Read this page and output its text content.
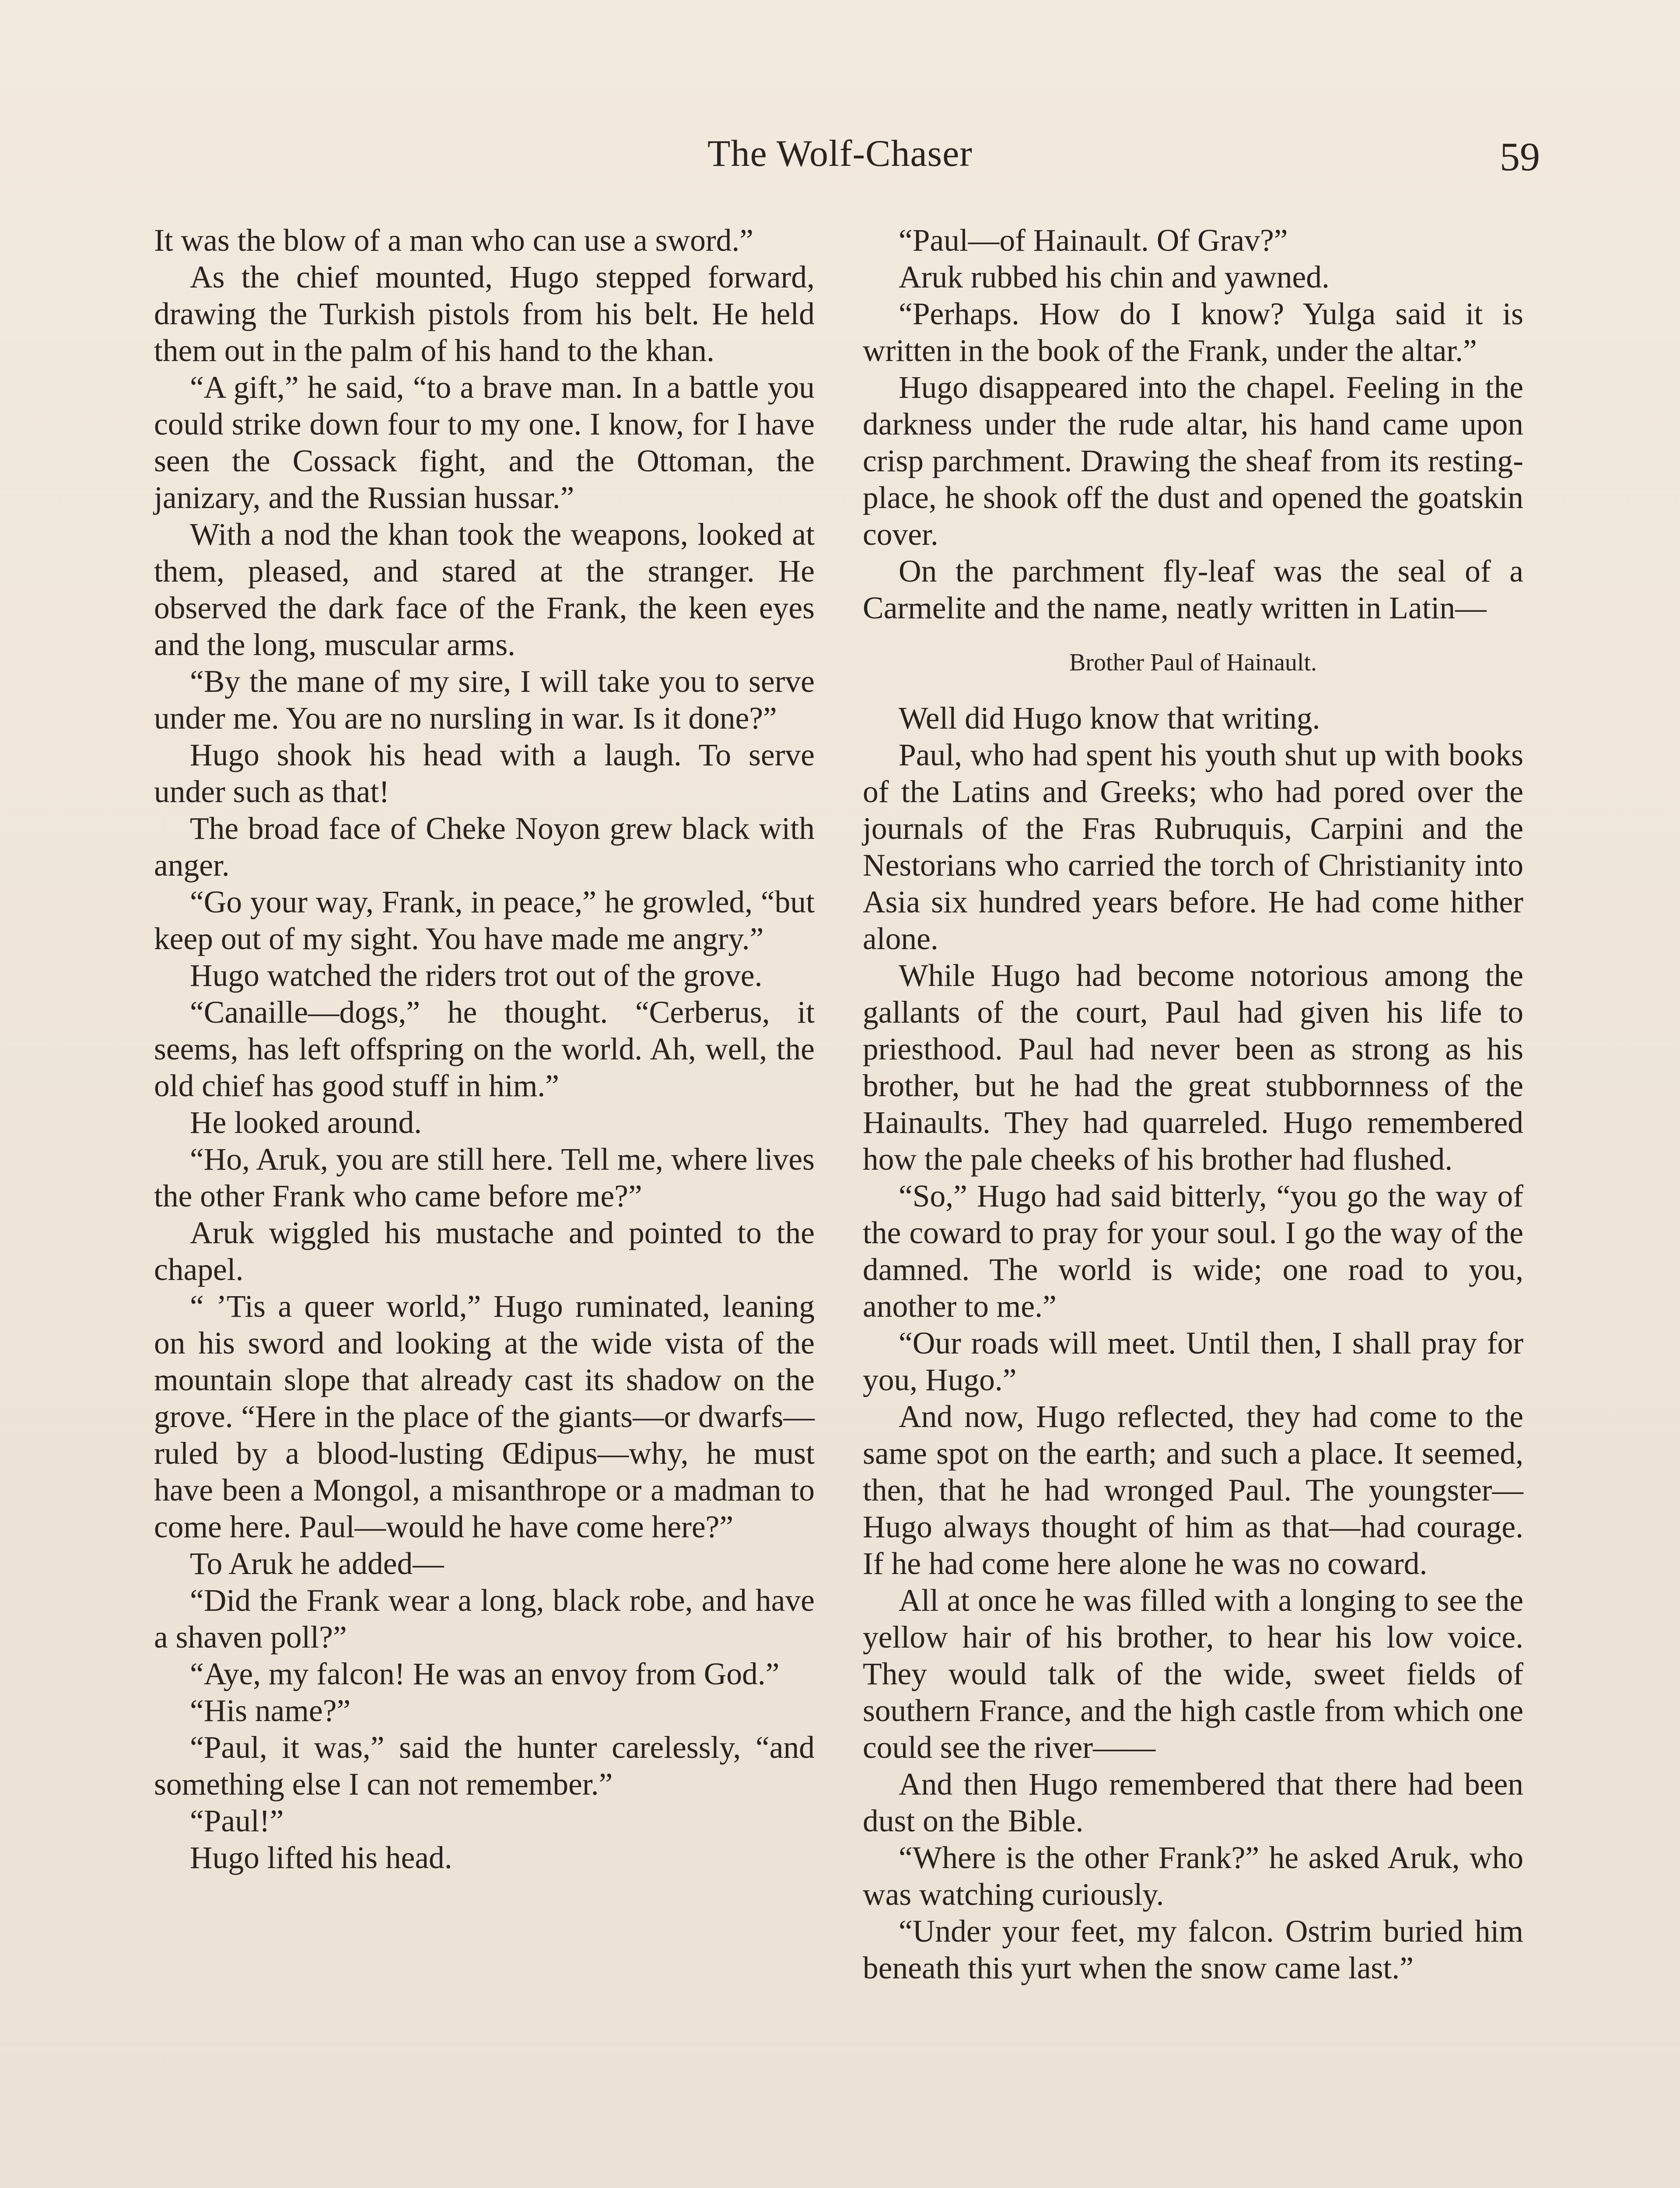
The Wolf-Chaser	59

It was the blow of a man who can use a sword.”

As the chief mounted, Hugo stepped forward, drawing the Turkish pistols from his belt. He held them out in the palm of his hand to the khan.

“A gift,” he said, “to a brave man. In a battle you could strike down four to my one. I know, for I have seen the Cossack fight, and the Ottoman, the janizary, and the Russian hussar.”

With a nod the khan took the weapons, looked at them, pleased, and stared at the stranger. He observed the dark face of the Frank, the keen eyes and the long, muscular arms.

“By the mane of my sire, I will take you to serve under me. You are no nursling in war. Is it done?”

Hugo shook his head with a laugh. To serve under such as that!

The broad face of Cheke Noyon grew black with anger.

“Go your way, Frank, in peace,” he growled, “but keep out of my sight. You have made me angry.”

Hugo watched the riders trot out of the grove.

“Canaille—dogs,” he thought. “Cerberus, it seems, has left offspring on the world. Ah, well, the old chief has good stuff in him.”

He looked around.

“Ho, Aruk, you are still here. Tell me, where lives the other Frank who came before me?”

Aruk wiggled his mustache and pointed to the chapel.

“ ’Tis a queer world,” Hugo ruminated, leaning on his sword and looking at the wide vista of the mountain slope that already cast its shadow on the grove. “Here in the place of the giants—or dwarfs—ruled by a blood-lusting Œdipus—why, he must have been a Mongol, a misanthrope or a madman to come here. Paul—would he have come here?”

To Aruk he added—

“Did the Frank wear a long, black robe, and have a shaven poll?”

“Aye, my falcon! He was an envoy from God.”

“His name?”

“Paul, it was,” said the hunter carelessly, “and something else I can not remember.”

“Paul!”

Hugo lifted his head.

“Paul—of Hainault. Of Grav?”

Aruk rubbed his chin and yawned.

“Perhaps. How do I know? Yulga said it is written in the book of the Frank, under the altar.”

Hugo disappeared into the chapel. Feeling in the darkness under the rude altar, his hand came upon crisp parchment. Drawing the sheaf from its resting-place, he shook off the dust and opened the goatskin cover.

On the parchment fly-leaf was the seal of a Carmelite and the name, neatly written in Latin—

Brother Paul of Hainault.

Well did Hugo know that writing.

Paul, who had spent his youth shut up with books of the Latins and Greeks; who had pored over the journals of the Fras Rubruquis, Carpini and the Nestorians who carried the torch of Christianity into Asia six hundred years before. He had come hither alone.

While Hugo had become notorious among the gallants of the court, Paul had given his life to priesthood. Paul had never been as strong as his brother, but he had the great stubbornness of the Hainaults. They had quarreled. Hugo remembered how the pale cheeks of his brother had flushed.

“So,” Hugo had said bitterly, “you go the way of the coward to pray for your soul. I go the way of the damned. The world is wide; one road to you, another to me.”

“Our roads will meet. Until then, I shall pray for you, Hugo.”

And now, Hugo reflected, they had come to the same spot on the earth; and such a place. It seemed, then, that he had wronged Paul. The youngster—Hugo always thought of him as that—had courage. If he had come here alone he was no coward.

All at once he was filled with a longing to see the yellow hair of his brother, to hear his low voice. They would talk of the wide, sweet fields of southern France, and the high castle from which one could see the river——

And then Hugo remembered that there had been dust on the Bible.

“Where is the other Frank?” he asked Aruk, who was watching curiously.

“Under your feet, my falcon. Ostrim buried him beneath this yurt when the snow came last.”
